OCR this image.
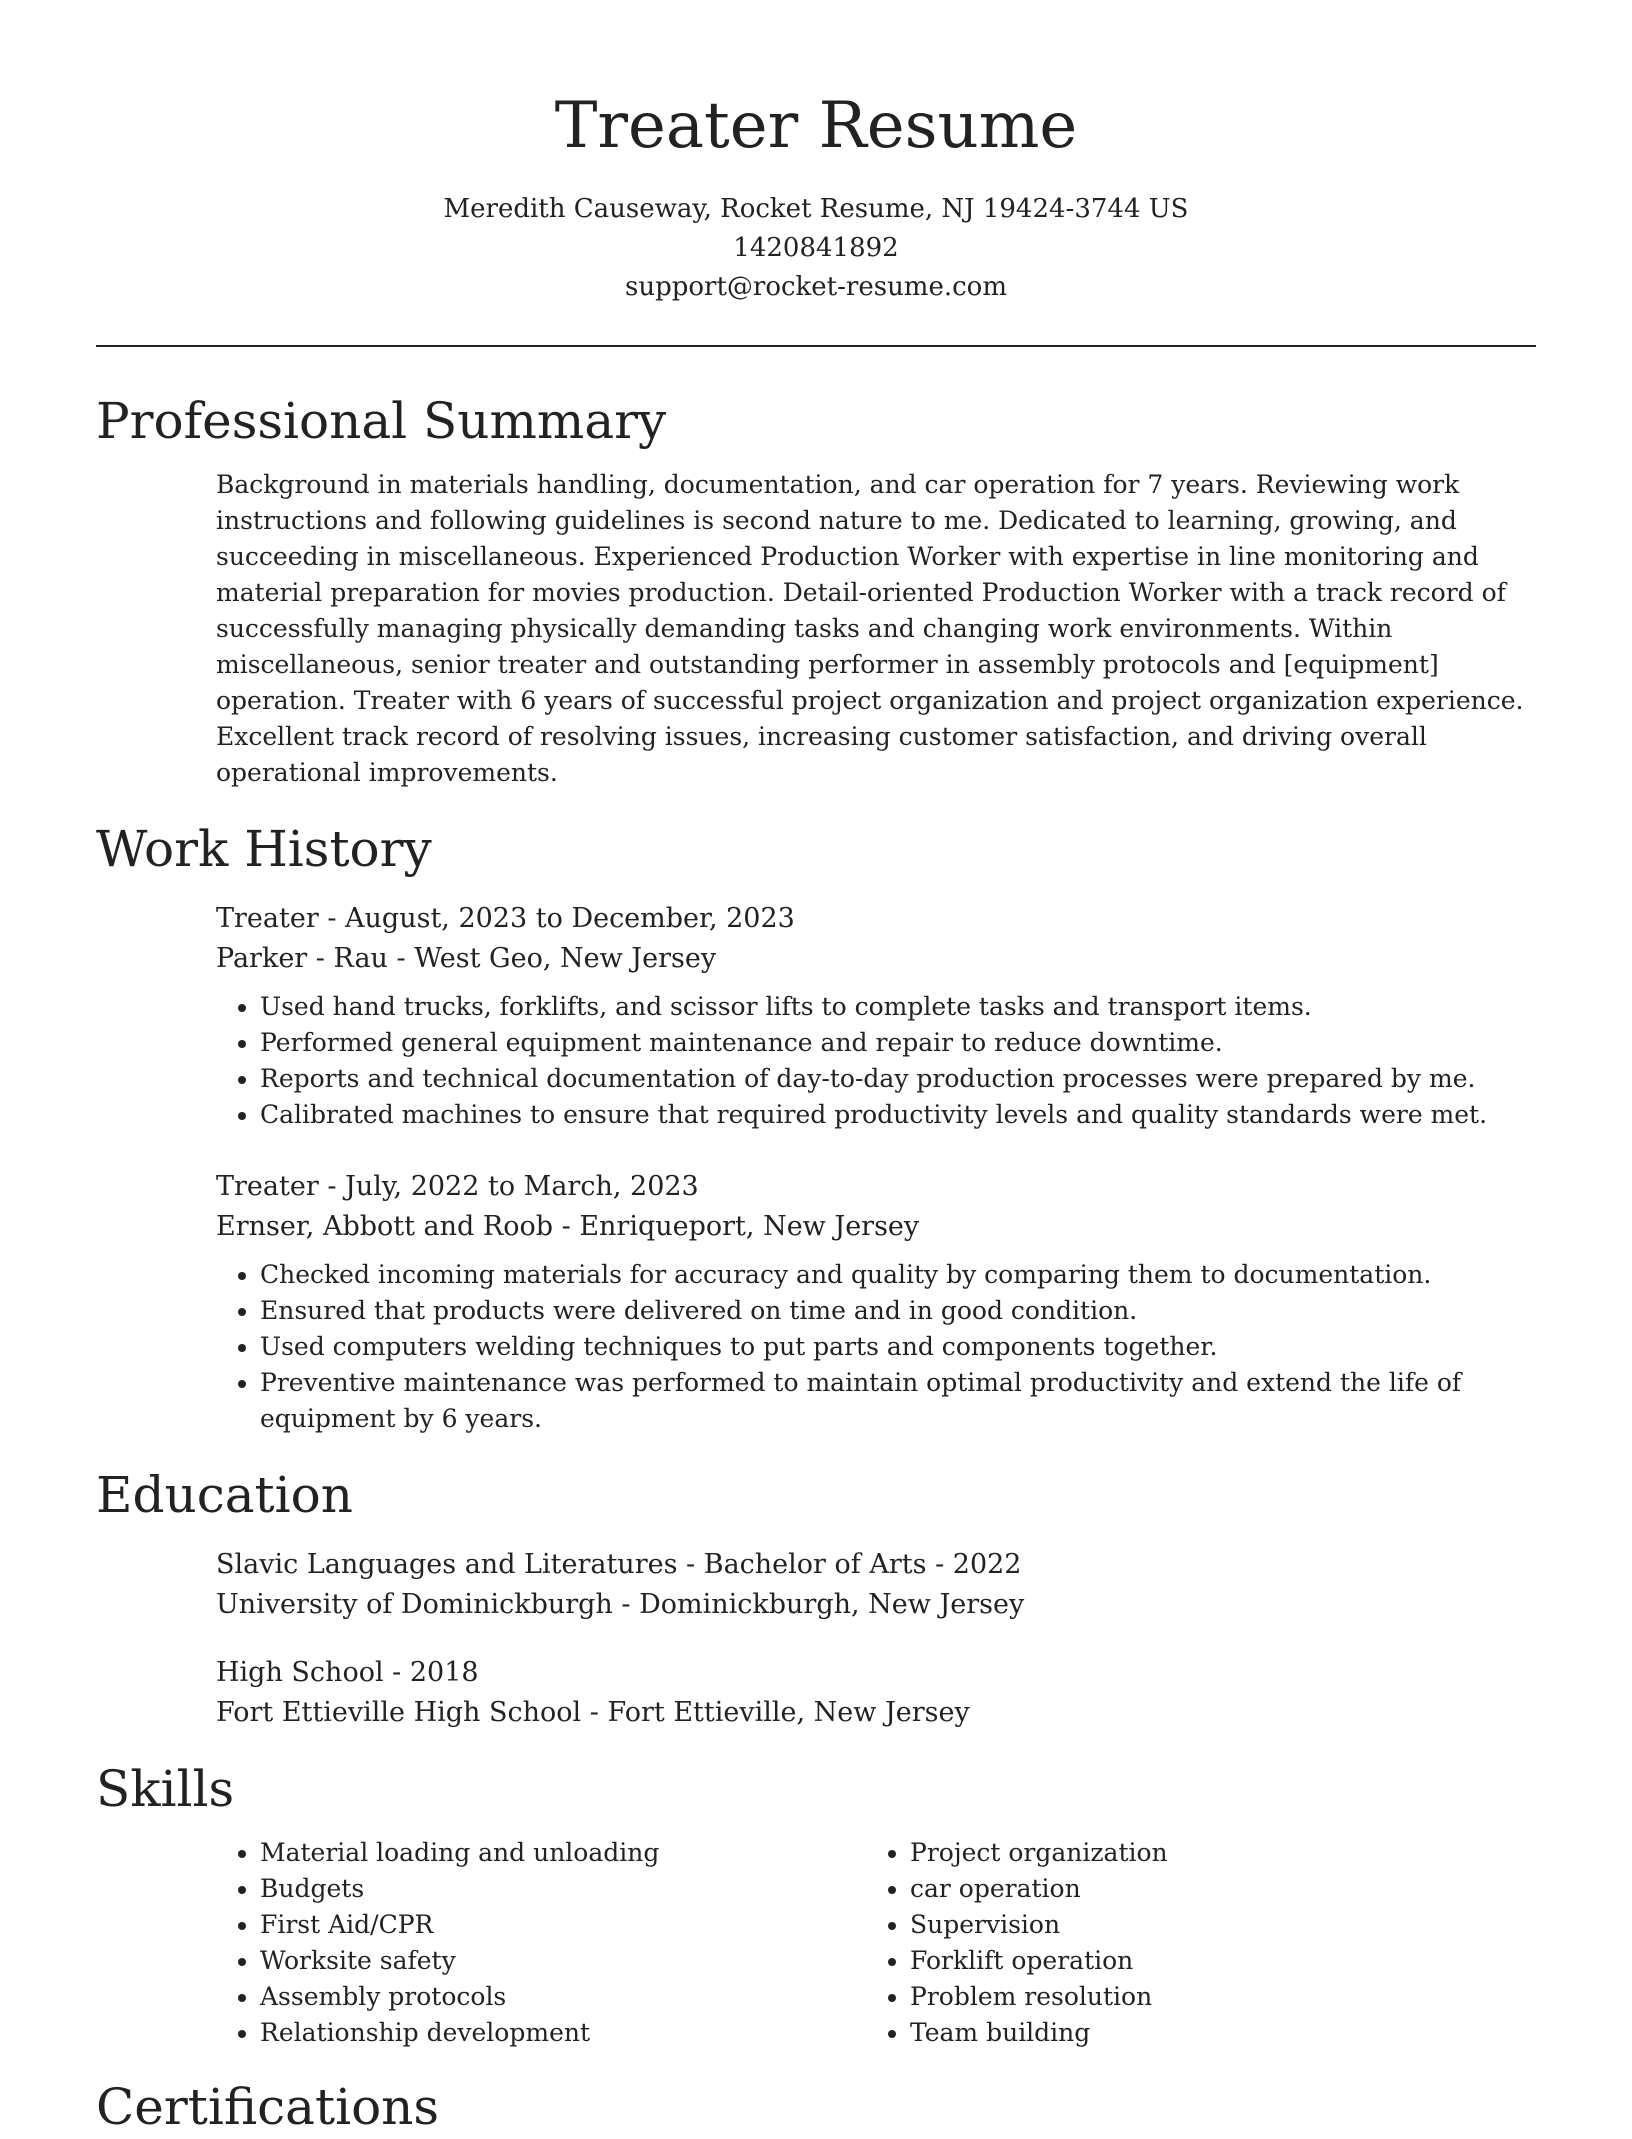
Treater Resume
Meredith Causeway, Rocket Resume, NJ 19424-3744 US
1420841892
support@rocket-resume.com
Professional Summary

Background in materials handling, documentation, and car operation for 7 years. Reviewing work instructions and following guidelines is second nature to me. Dedicated to learning, growing, and succeeding in miscellaneous. Experienced Production Worker with expertise in line monitoring and material preparation for movies production. Detail-oriented Production Worker with a track record of successfully managing physically demanding tasks and changing work environments. Within miscellaneous, senior treater and outstanding performer in assembly protocols and [equipment] operation. Treater with 6 years of successful project organization and project organization experience. Excellent track record of resolving issues, increasing customer satisfaction, and driving overall operational improvements.

Work History
Treater - August, 2023 to December, 2023
Parker - Rau - West Geo, New Jersey
• Used hand trucks, forklifts, and scissor lifts to complete tasks and transport items.
• Performed general equipment maintenance and repair to reduce downtime.
• Reports and technical documentation of day-to-day production processes were prepared by me.
• Calibrated machines to ensure that required productivity levels and quality standards were met.
Treater - July, 2022 to March, 2023
Ernser, Abbott and Roob - Enriqueport, New Jersey
• Checked incoming materials for accuracy and quality by comparing them to documentation.
• Ensured that products were delivered on time and in good condition.
• Used computers welding techniques to put parts and components together.
• Preventive maintenance was performed to maintain optimal productivity and extend the life of equipment by 6 years.
Education
Slavic Languages and Literatures - Bachelor of Arts - 2022
University of Dominickburgh - Dominickburgh, New Jersey
High School - 2018
Fort Ettieville High School - Fort Ettieville, New Jersey
Skills
• Material loading and unloading
• Budgets
• First Aid/CPR
• Worksite safety
• Assembly protocols
• Relationship development
• Project organization
• car operation
• Supervision
• Forklift operation
• Problem resolution
• Team building
Certifications
